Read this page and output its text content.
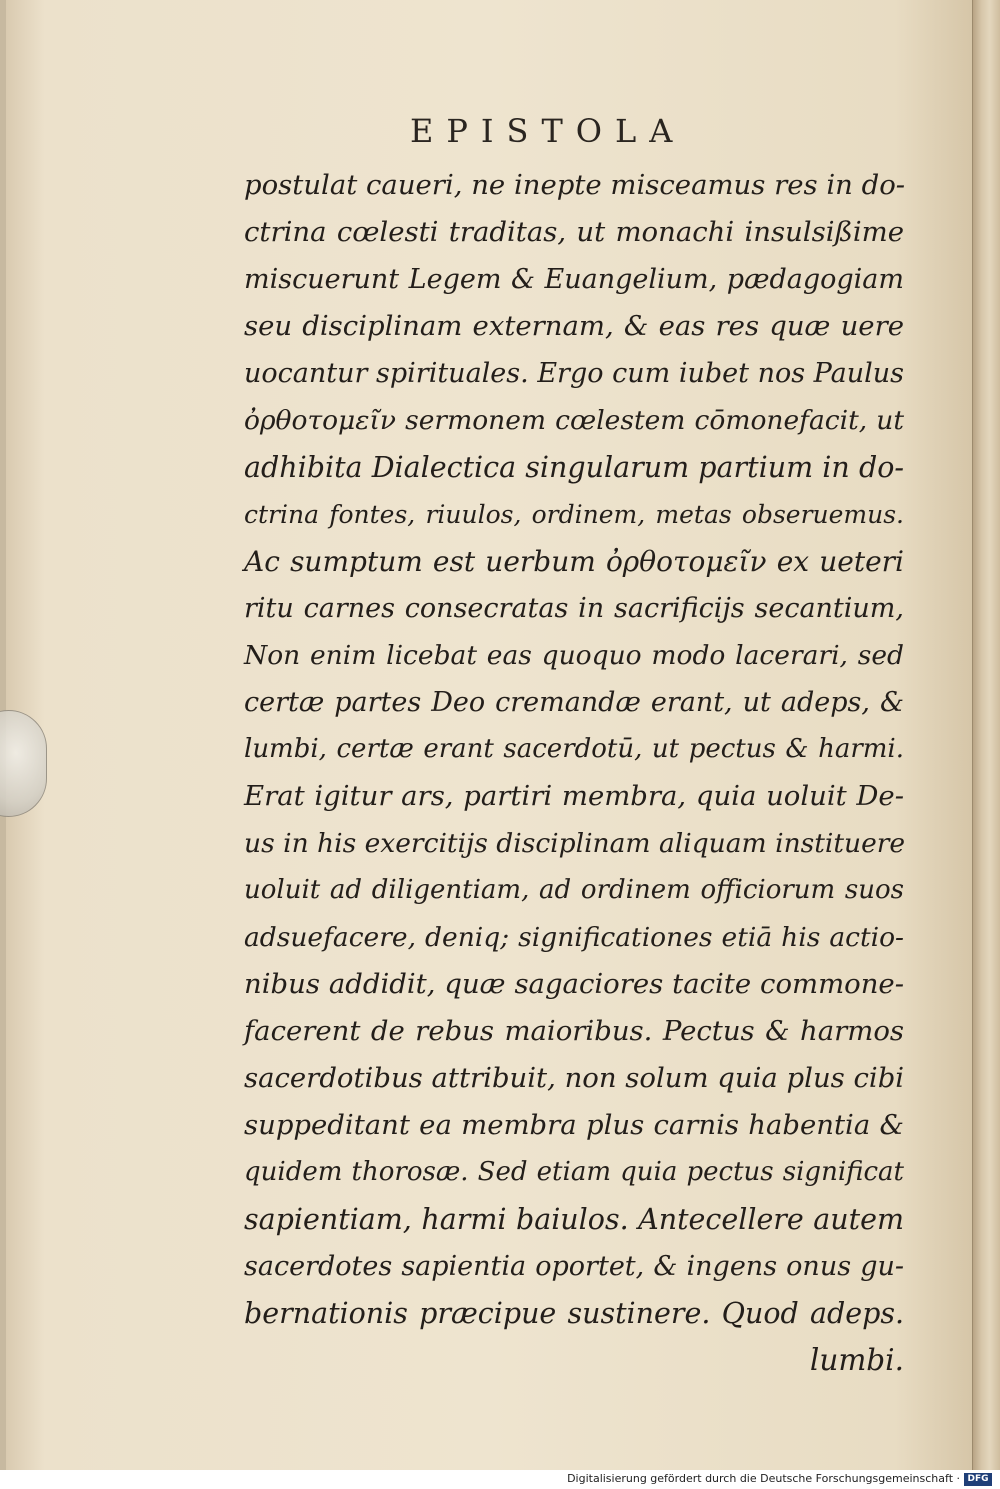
EPISTOLA
postulat caueri, ne inepte misceamus res in do-
ctrina cœlesti traditas, ut monachi insulsißime
miscuerunt Legem & Euangelium, pædagogiam
seu disciplinam externam, & eas res quæ uere
uocantur spirituales. Ergo cum iubet nos Paulus
ὀρθοτομεῖν sermonem cœlestem cōmonefacit, ut
adhibita Dialectica singularum partium in do-
ctrina fontes, riuulos, ordinem, metas obseruemus.
Ac sumptum est uerbum ὀρθοτομεῖν ex ueteri
ritu carnes consecratas in sacrificijs secantium,
Non enim licebat eas quoquo modo lacerari, sed
certæ partes Deo cremandæ erant, ut adeps, &
lumbi, certæ erant sacerdotū, ut pectus & harmi.
Erat igitur ars, partiri membra, quia uoluit De-
us in his exercitijs disciplinam aliquam instituere
uoluit ad diligentiam, ad ordinem officiorum suos
adsuefacere, deniq; significationes etiā his actio-
nibus addidit, quæ sagaciores tacite commone-
facerent de rebus maioribus. Pectus & harmos
sacerdotibus attribuit, non solum quia plus cibi
suppeditant ea membra plus carnis habentia &
quidem thorosæ. Sed etiam quia pectus significat
sapientiam, harmi baiulos. Antecellere autem
sacerdotes sapientia oportet, & ingens onus gu-
bernationis præcipue sustinere. Quod adeps.
lumbi.
Digitalisierung gefördert durch die Deutsche Forschungsgemeinschaft · DFG
